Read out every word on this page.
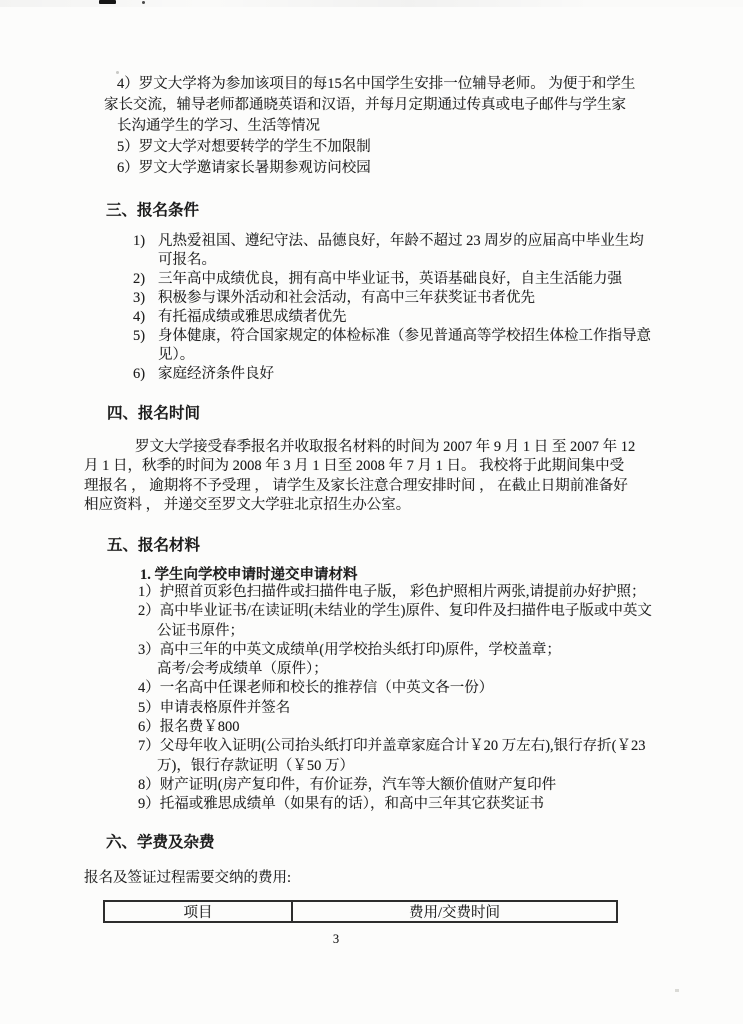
4）罗文大学将为参加该项目的每15名中国学生安排一位辅导老师。 为便于和学生
家长交流，辅导老师都通晓英语和汉语，并每月定期通过传真或电子邮件与学生家
长沟通学生的学习、生活等情况
5）罗文大学对想要转学的学生不加限制
6）罗文大学邀请家长暑期参观访问校园
三、报名条件
1) 凡热爱祖国、遵纪守法、品德良好，年龄不超过 23 周岁的应届高中毕业生均
可报名。
2) 三年高中成绩优良，拥有高中毕业证书，英语基础良好，自主生活能力强
3) 积极参与课外活动和社会活动，有高中三年获奖证书者优先
4) 有托福成绩或雅思成绩者优先
5) 身体健康，符合国家规定的体检标准（参见普通高等学校招生体检工作指导意
见）。
6) 家庭经济条件良好
四、报名时间
罗文大学接受春季报名并收取报名材料的时间为 2007 年 9 月 1 日 至 2007 年 12
月 1 日，秋季的时间为 2008 年 3 月 1 日至 2008 年 7 月 1 日。 我校将于此期间集中受
理报名 ， 逾期将不予受理 ， 请学生及家长注意合理安排时间 ， 在截止日期前准备好
相应资料 ， 并递交至罗文大学驻北京招生办公室。
五、报名材料
1. 学生向学校申请时递交申请材料
1）护照首页彩色扫描件或扫描件电子版， 彩色护照相片两张,请提前办好护照；
2）高中毕业证书/在读证明(未结业的学生)原件、复印件及扫描件电子版或中英文
公证书原件；
3）高中三年的中英文成绩单(用学校抬头纸打印)原件，学校盖章；
高考/会考成绩单（原件）；
4）一名高中任课老师和校长的推荐信（中英文各一份）
5）申请表格原件并签名
6）报名费￥800
7）父母年收入证明(公司抬头纸打印并盖章家庭合计￥20 万左右),银行存折(￥23
万)，银行存款证明（￥50 万）
8）财产证明(房产复印件，有价证券，汽车等大额价值财产复印件
9）托福或雅思成绩单（如果有的话），和高中三年其它获奖证书
六、学费及杂费
报名及签证过程需要交纳的费用:
项目	费用/交费时间
3
